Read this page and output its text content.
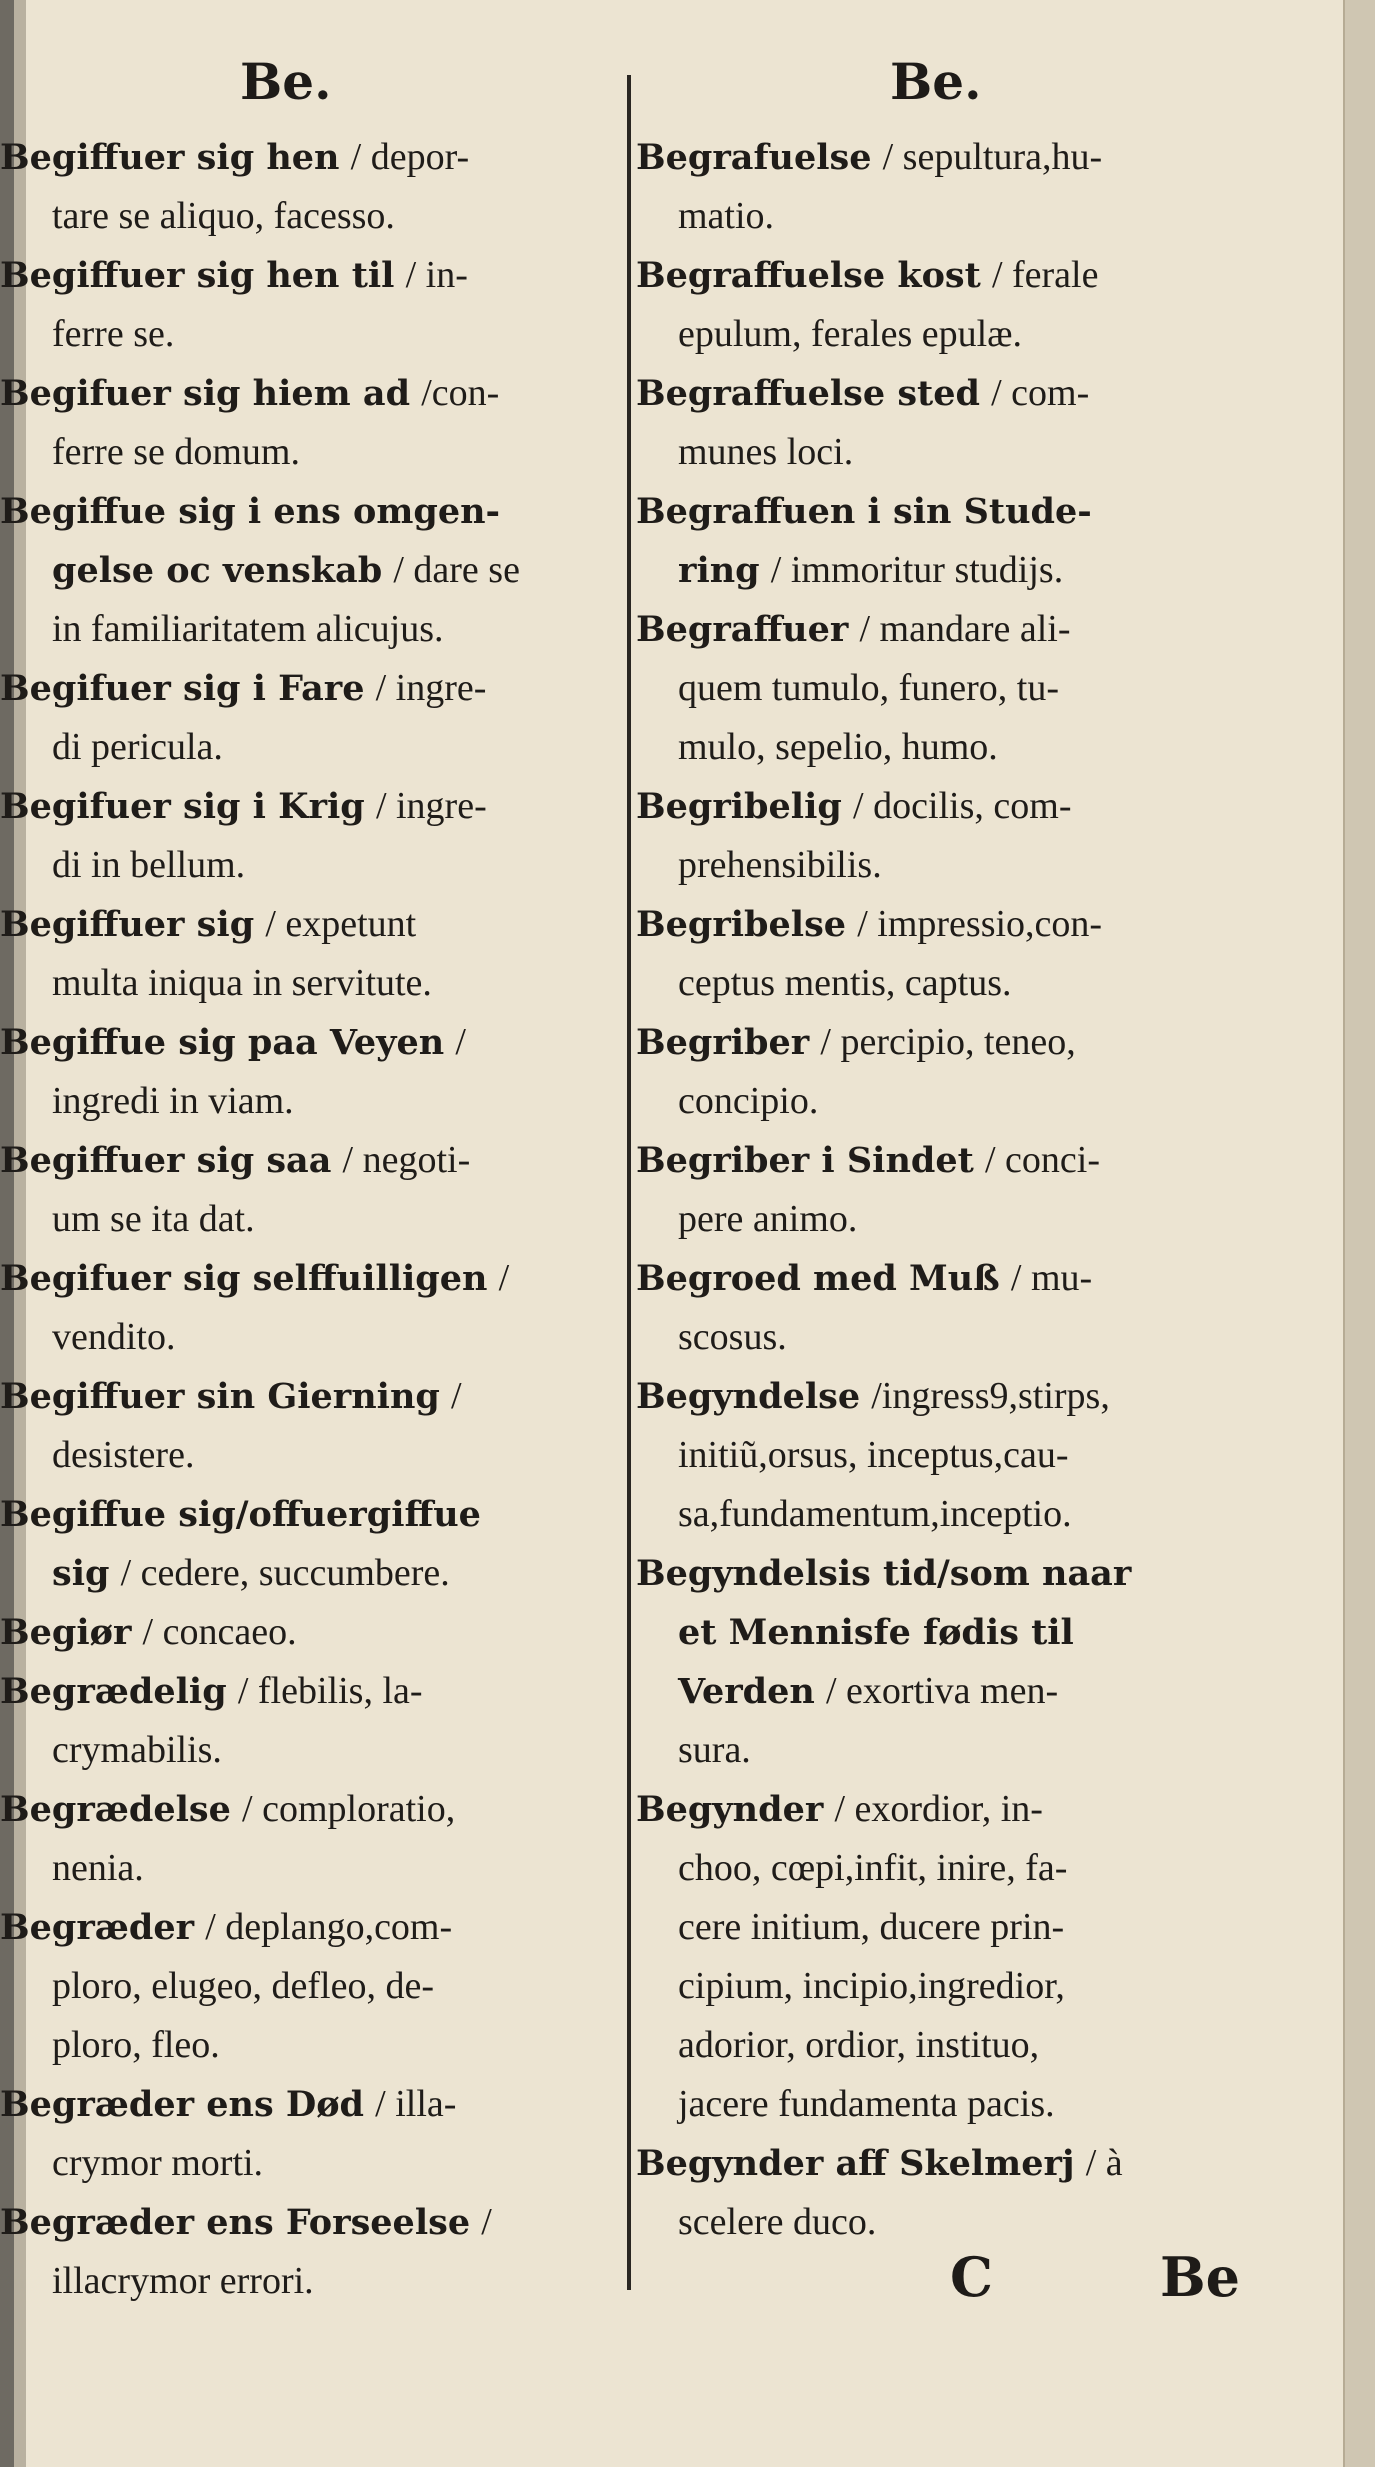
Be.	Be.
Begiffuer sig hen / depor-
tare se aliquo, facesso.
Begiffuer sig hen til / in-
ferre se.
Begifuer sig hiem ad /con-
ferre se domum.
Begiffue sig i ens omgen-
gelse oc venskab / dare se
in familiaritatem alicujus.
Begifuer sig i Fare / ingre-
di pericula.
Begifuer sig i Krig / ingre-
di in bellum.
Begiffuer sig / expetunt
multa iniqua in servitute.
Begiffue sig paa Veyen /
ingredi in viam.
Begiffuer sig saa / negoti-
um se ita dat.
Begifuer sig selffuilligen /
vendito.
Begiffuer sin Gierning /
desistere.
Begiffue sig/offuergiffue
sig / cedere, succumbere.
Begiør / concaeo.
Begrædelig / flebilis, la-
crymabilis.
Begrædelse / comploratio,
nenia.
Begræder / deplango,com-
ploro, elugeo, defleo, de-
ploro, fleo.
Begræder ens Død / illa-
crymor morti.
Begræder ens Forseelse /
illacrymor errori.
Begrafuelse / sepultura,hu-
matio.
Begraffuelse kost / ferale
epulum, ferales epulæ.
Begraffuelse sted / com-
munes loci.
Begraffuen i sin Stude-
ring / immoritur studijs.
Begraffuer / mandare ali-
quem tumulo, funero, tu-
mulo, sepelio, humo.
Begribelig / docilis, com-
prehensibilis.
Begribelse / impressio,con-
ceptus mentis, captus.
Begriber / percipio, teneo,
concipio.
Begriber i Sindet / conci-
pere animo.
Begroed med Muß / mu-
scosus.
Begyndelse /ingress9,stirps,
initiũ,orsus, inceptus,cau-
sa,fundamentum,inceptio.
Begyndelsis tid/som naar
et Mennisfe fødis til
Verden / exortiva men-
sura.
Begynder / exordior, in-
choo, cœpi,infit, inire, fa-
cere initium, ducere prin-
cipium, incipio,ingredior,
adorior, ordior, instituo,
jacere fundamenta pacis.
Begynder aff Skelmerj / à
scelere duco.
C	Be
